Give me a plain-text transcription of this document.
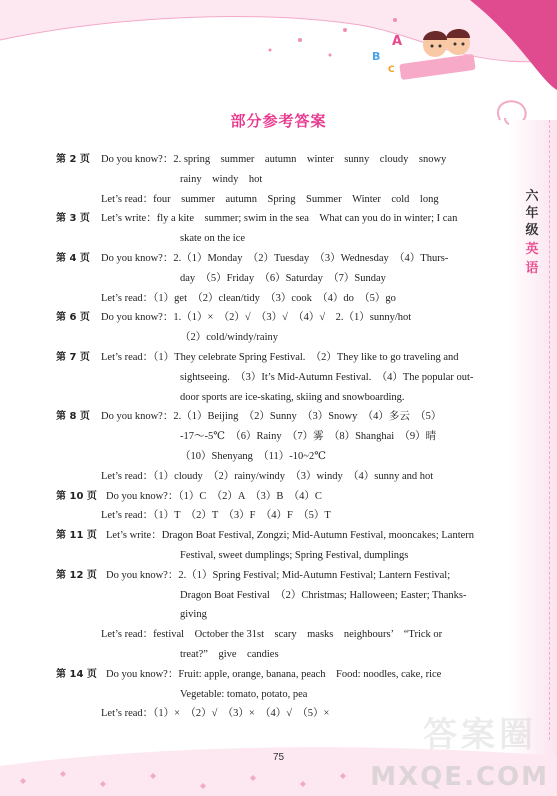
A
B
C
六
年
级
英
语
部分参考答案
第 2 页 Do you know?：2. spring　summer　autumn　winter　sunny　cloudy　snowy
rainy　windy　hot
Let’s read：four　summer　autumn　Spring　Summer　Winter　cold　long
第 3 页 Let’s write：fly a kite　summer; swim in the sea　What can you do in winter; I can
skate on the ice
第 4 页 Do you know?：2.（1）Monday　（2）Tuesday　（3）Wednesday　（4）Thurs-
day　（5）Friday　（6）Saturday　（7）Sunday
Let’s read：（1）get　（2）clean/tidy　（3）cook　（4）do　（5）go
第 6 页 Do you know?：1.（1）×　（2）√　（3）√　（4）√　2.（1）sunny/hot
（2）cold/windy/rainy
第 7 页 Let’s read：（1）They celebrate Spring Festival.　（2）They like to go traveling and
sightseeing.　（3）It’s Mid-Autumn Festival.　（4）The popular out-
door sports are ice-skating, skiing and snowboarding.
第 8 页 Do you know?：2.（1）Beijing　（2）Sunny　（3）Snowy　（4）多云　（5）
-17～-5℃　（6）Rainy　（7）雾　（8）Shanghai　（9）晴
（10）Shenyang　（11）-10~2℃
Let’s read：（1）cloudy　（2）rainy/windy　（3）windy　（4）sunny and hot
第 10 页 Do you know?：（1）C　（2）A　（3）B　（4）C
Let’s read：（1）T　（2）T　（3）F　（4）F　（5）T
第 11 页 Let’s write：Dragon Boat Festival, Zongzi; Mid-Autumn Festival, mooncakes; Lantern
Festival, sweet dumplings; Spring Festival, dumplings
第 12 页 Do you know?：2.（1）Spring Festival; Mid-Autumn Festival; Lantern Festival;
Dragon Boat Festival　（2）Christmas; Halloween; Easter; Thanks-
giving
Let’s read：festival　October the 31st　scary　masks　neighbours’　“Trick or
treat?”　give　candies
第 14 页 Do you know?：Fruit: apple, orange, banana, peach　Food: noodles, cake, rice
Vegetable: tomato, potato, pea
Let’s read：（1）×　（2）√　（3）×　（4）√　（5）×
答案圈
MXQE.COM
75
